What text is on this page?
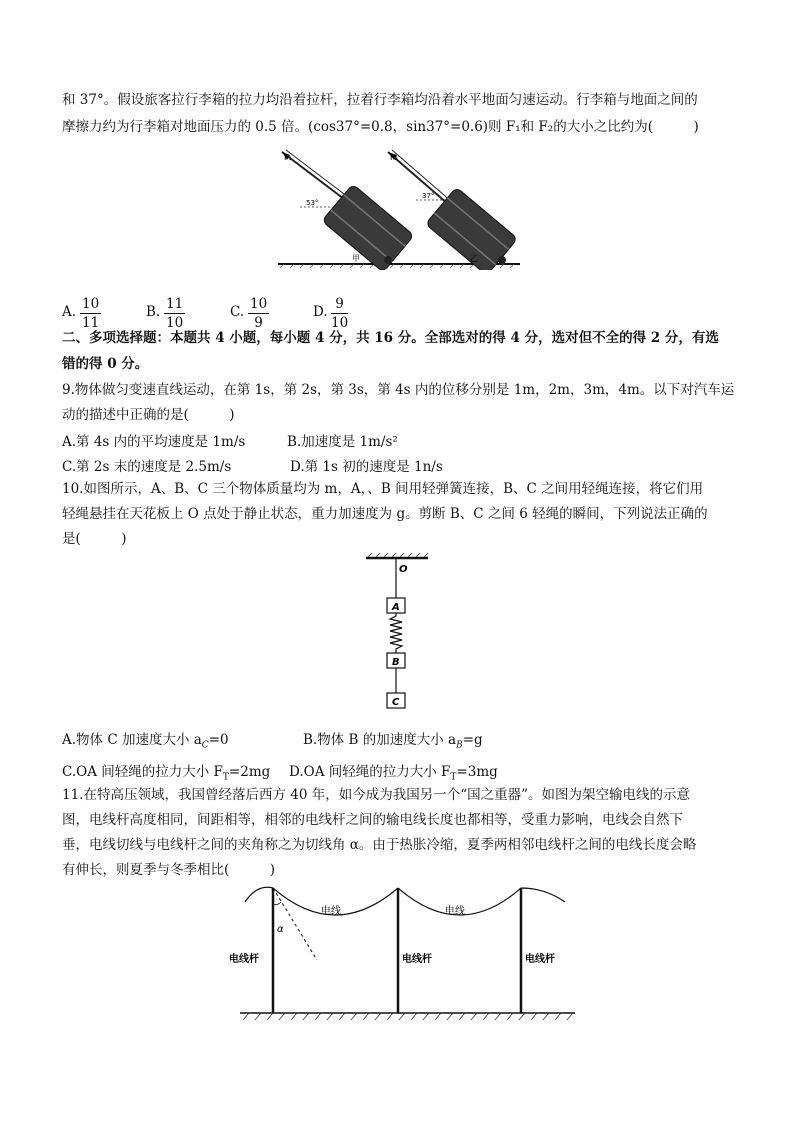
和 37°。假设旅客拉行李箱的拉力均沿着拉杆，拉着行李箱均沿着水平地面匀速运动。行李箱与地面之间的
摩擦力约为行李箱对地面压力的 0.5 倍。(cos37°=0.8，sin37°=0.6)则 F₁和 F₂的大小之比约为(　　　)
F₁
53°
甲
F₂
37°
乙
A. $\frac{10}{11}$	B. $\frac{11}{10}$	C. $\frac{10}{9}$	D. $\frac{9}{10}$
二、多项选择题：本题共 4 小题，每小题 4 分，共 16 分。全部选对的得 4 分，选对但不全的得 2 分，有选
错的得 0 分。
9.物体做匀变速直线运动，在第 1s，第 2s，第 3s，第 4s 内的位移分别是 1m，2m，3m，4m。以下对汽车运
动的描述中正确的是(　　　)
A.第 4s 内的平均速度是 1m/s	B.加速度是 1m/s²
C.第 2s 末的速度是 2.5m/s	D.第 1s 初的速度是 1n/s
10.如图所示，A、B、C 三个物体质量均为 m，A，、B 间用轻弹簧连接，B、C 之间用轻绳连接，将它们用
轻绳悬挂在天花板上 O 点处于静止状态，重力加速度为 g。剪断 B、C 之间 6 轻绳的瞬间，下列说法正确的
是(　　　)
O
A
B
C
A.物体 C 加速度大小 $a_C=0$	B.物体 B 的加速度大小 $a_B=g$
C.OA 间轻绳的拉力大小 $F_T=2mg$ D.OA 间轻绳的拉力大小 $F_T=3mg$
11.在特高压领域，我国曾经落后西方 40 年，如今成为我国另一个“国之重器”。如图为架空输电线的示意
图，电线杆高度相同，间距相等，相邻的电线杆之间的输电线长度也都相等，受重力影响，电线会自然下
垂，电线切线与电线杆之间的夹角称之为切线角 α。由于热胀冷缩，夏季两相邻电线杆之间的电线长度会略
有伸长，则夏季与冬季相比(　　　)
α
电线	电线
电线杆	电线杆	电线杆
